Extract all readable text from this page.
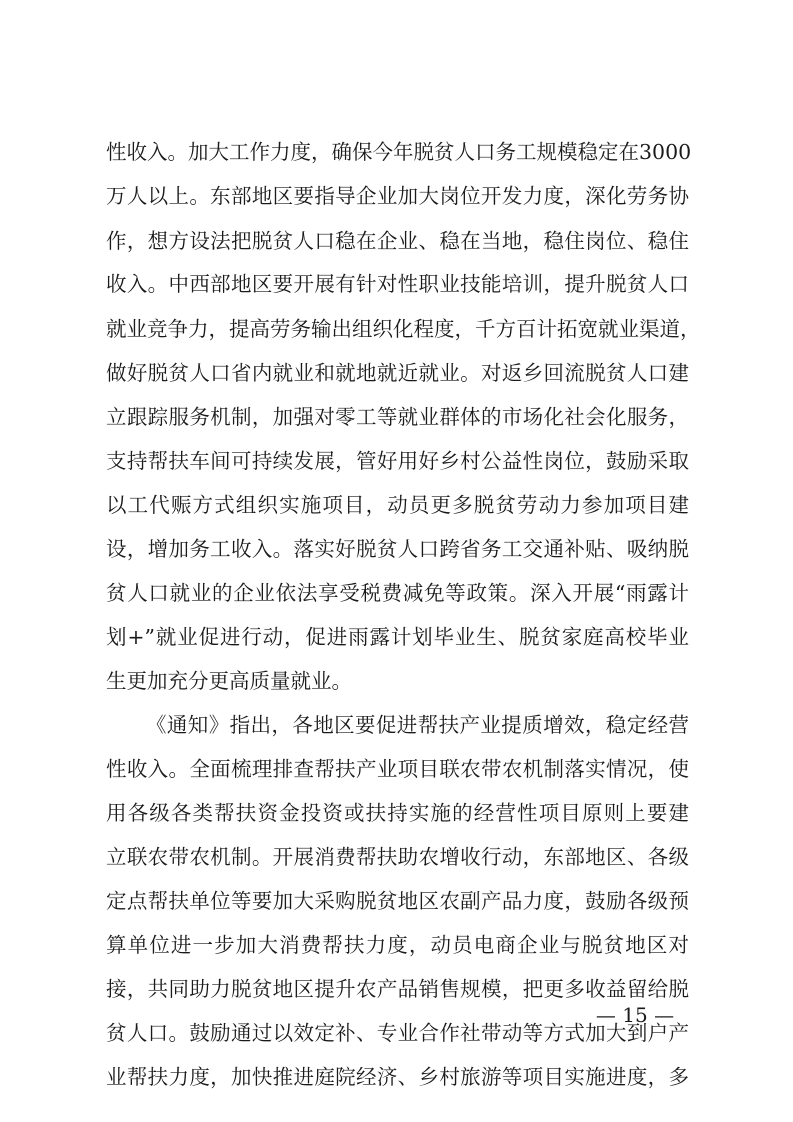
性收入。加大工作力度，确保今年脱贫人口务工规模稳定在3000
万人以上。东部地区要指导企业加大岗位开发力度，深化劳务协
作，想方设法把脱贫人口稳在企业、稳在当地，稳住岗位、稳住
收入。中西部地区要开展有针对性职业技能培训，提升脱贫人口
就业竞争力，提高劳务输出组织化程度，千方百计拓宽就业渠道，
做好脱贫人口省内就业和就地就近就业。对返乡回流脱贫人口建
立跟踪服务机制，加强对零工等就业群体的市场化社会化服务，
支持帮扶车间可持续发展，管好用好乡村公益性岗位，鼓励采取
以工代赈方式组织实施项目，动员更多脱贫劳动力参加项目建
设，增加务工收入。落实好脱贫人口跨省务工交通补贴、吸纳脱
贫人口就业的企业依法享受税费减免等政策。深入开展“雨露计
划+”就业促进行动，促进雨露计划毕业生、脱贫家庭高校毕业
生更加充分更高质量就业。
《通知》指出，各地区要促进帮扶产业提质增效，稳定经营
性收入。全面梳理排查帮扶产业项目联农带农机制落实情况，使
用各级各类帮扶资金投资或扶持实施的经营性项目原则上要建
立联农带农机制。开展消费帮扶助农增收行动，东部地区、各级
定点帮扶单位等要加大采购脱贫地区农副产品力度，鼓励各级预
算单位进一步加大消费帮扶力度，动员电商企业与脱贫地区对
接，共同助力脱贫地区提升农产品销售规模，把更多收益留给脱
贫人口。鼓励通过以效定补、专业合作社带动等方式加大到户产
业帮扶力度，加快推进庭院经济、乡村旅游等项目实施进度，多
— 15 —
